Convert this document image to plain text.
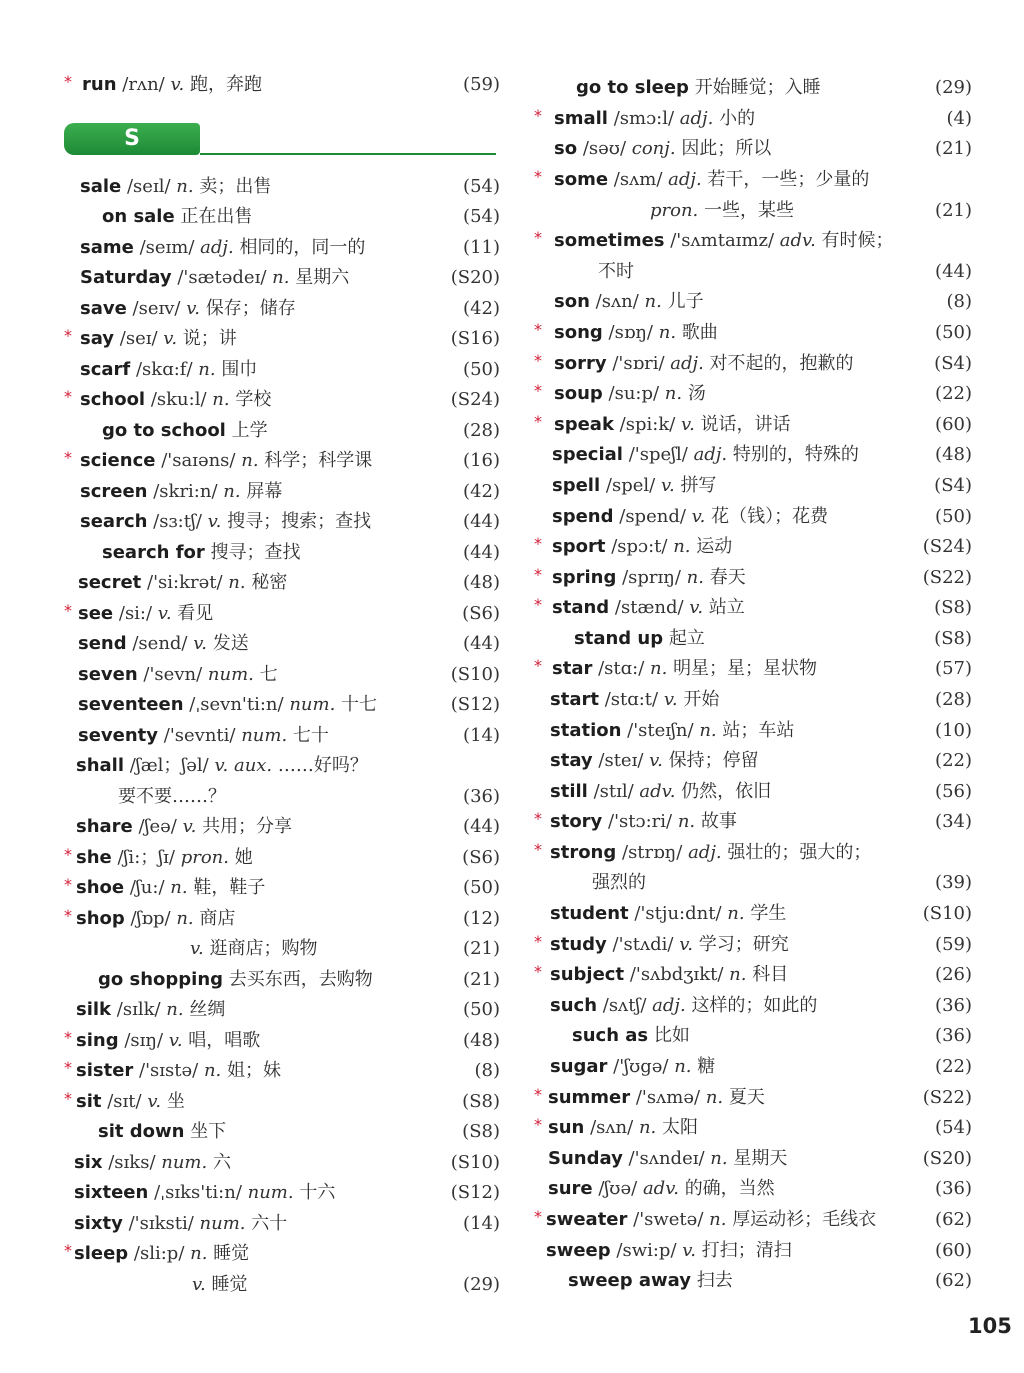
* run /rʌn/ v. 跑，奔跑	(59)
sale /seɪl/ n. 卖；出售	(54)
on sale 正在出售	(54)
same /seɪm/ adj. 相同的，同一的	(11)
Saturday /'sætədeɪ/ n. 星期六	(S20)
save /seɪv/ v. 保存；储存	(42)
* say /seɪ/ v. 说；讲	(S16)
scarf /skɑ:f/ n. 围巾	(50)
* school /sku:l/ n. 学校	(S24)
go to school 上学	(28)
* science /'saɪəns/ n. 科学；科学课	(16)
screen /skri:n/ n. 屏幕	(42)
search /sɜ:tʃ/ v. 搜寻；搜索；查找	(44)
search for 搜寻；查找	(44)
secret /'si:krət/ n. 秘密	(48)
* see /si:/ v. 看见	(S6)
send /send/ v. 发送	(44)
seven /'sevn/ num. 七	(S10)
seventeen /ˌsevn'ti:n/ num. 十七	(S12)
seventy /'sevnti/ num. 七十	(14)
shall /ʃæl；ʃəl/ v. aux. ……好吗？
要不要……？	(36)
share /ʃeə/ v. 共用；分享	(44)
* she /ʃi:；ʃɪ/ pron. 她	(S6)
* shoe /ʃu:/ n. 鞋，鞋子	(50)
* shop /ʃɒp/ n. 商店	(12)
v. 逛商店；购物	(21)
go shopping 去买东西，去购物	(21)
silk /sɪlk/ n. 丝绸	(50)
* sing /sɪŋ/ v. 唱，唱歌	(48)
* sister /'sɪstə/ n. 姐；妹	(8)
* sit /sɪt/ v. 坐	(S8)
sit down 坐下	(S8)
six /sɪks/ num. 六	(S10)
sixteen /ˌsɪks'ti:n/ num. 十六	(S12)
sixty /'sɪksti/ num. 六十	(14)
* sleep /sli:p/ n. 睡觉
v. 睡觉	(29)
go to sleep 开始睡觉；入睡	(29)
* small /smɔ:l/ adj. 小的	(4)
so /səʊ/ conj. 因此；所以	(21)
* some /sʌm/ adj. 若干，一些；少量的
pron. 一些，某些	(21)
* sometimes /'sʌmtaɪmz/ adv. 有时候；
不时	(44)
son /sʌn/ n. 儿子	(8)
* song /sɒŋ/ n. 歌曲	(50)
* sorry /'sɒri/ adj. 对不起的，抱歉的	(S4)
* soup /su:p/ n. 汤	(22)
* speak /spi:k/ v. 说话，讲话	(60)
special /'speʃl/ adj. 特别的，特殊的	(48)
spell /spel/ v. 拼写	(S4)
spend /spend/ v. 花（钱）；花费	(50)
* sport /spɔ:t/ n. 运动	(S24)
* spring /sprɪŋ/ n. 春天	(S22)
* stand /stænd/ v. 站立	(S8)
stand up 起立	(S8)
* star /stɑ:/ n. 明星；星；星状物	(57)
start /stɑ:t/ v. 开始	(28)
station /'steɪʃn/ n. 站；车站	(10)
stay /steɪ/ v. 保持；停留	(22)
still /stɪl/ adv. 仍然，依旧	(56)
* story /'stɔ:ri/ n. 故事	(34)
* strong /strɒŋ/ adj. 强壮的；强大的；
强烈的	(39)
student /'stju:dnt/ n. 学生	(S10)
* study /'stʌdi/ v. 学习；研究	(59)
* subject /'sʌbdʒɪkt/ n. 科目	(26)
such /sʌtʃ/ adj. 这样的；如此的	(36)
such as 比如	(36)
sugar /'ʃʊgə/ n. 糖	(22)
* summer /'sʌmə/ n. 夏天	(S22)
* sun /sʌn/ n. 太阳	(54)
Sunday /'sʌndeɪ/ n. 星期天	(S20)
sure /ʃʊə/ adv. 的确，当然	(36)
* sweater /'swetə/ n. 厚运动衫；毛线衣	(62)
sweep /swi:p/ v. 打扫；清扫	(60)
sweep away 扫去	(62)
S
105
